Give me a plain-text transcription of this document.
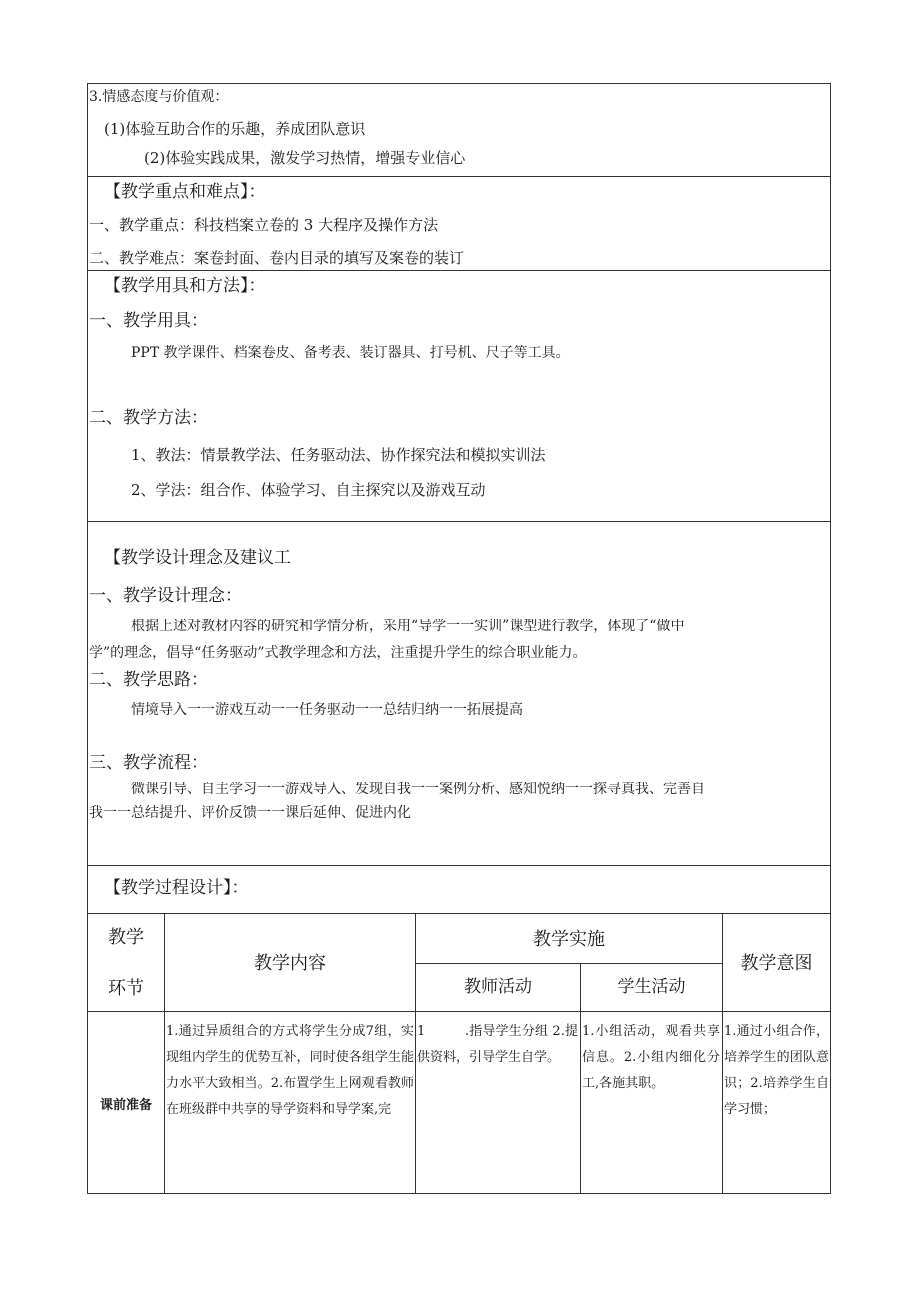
3.情感态度与价值观：
(1)体验互助合作的乐趣，养成团队意识
(2)体验实践成果，激发学习热情，增强专业信心
【教学重点和难点】：
一、教学重点：科技档案立卷的 3 大程序及操作方法
二、教学难点：案卷封面、卷内目录的填写及案卷的装订
【教学用具和方法】：
一、教学用具：
PPT 教学课件、档案卷皮、备考表、装订器具、打号机、尺子等工具。
二、教学方法：
1、教法：情景教学法、任务驱动法、协作探究法和模拟实训法
2、学法：组合作、体验学习、自主探究以及游戏互动
【教学设计理念及建议工
一、教学设计理念：
根据上述对教材内容的研究和学情分析，采用“导学一一实训”课型进行教学，体现了“做中
学”的理念，倡导“任务驱动”式教学理念和方法，注重提升学生的综合职业能力。
二、教学思路：
情境导入一一游戏互动一一任务驱动一一总结归纳一一拓展提高
三、教学流程：
微课引导、自主学习一一游戏导入、发现自我一一案例分析、感知悦纳一一探寻真我、完善自
我一一总结提升、评价反馈一一课后延伸、促进内化
【教学过程设计】：
教学
环节
教学内容
教学实施
教师活动	学生活动
教学意图
课前准备
1.通过异质组合的方式将学生分成7组，实现组内学生的优势互补，同时使各组学生能力水平大致相当。2.布置学生上网观看教师在班级群中共享的导学资料和导学案,完
1　　　.指导学生分组 2.提供资料，引导学生自学。
1.小组活动，观看共享信息。2.小组内细化分工,各施其职。
1.通过小组合作，培养学生的团队意识；2.培养学生自学习惯；
